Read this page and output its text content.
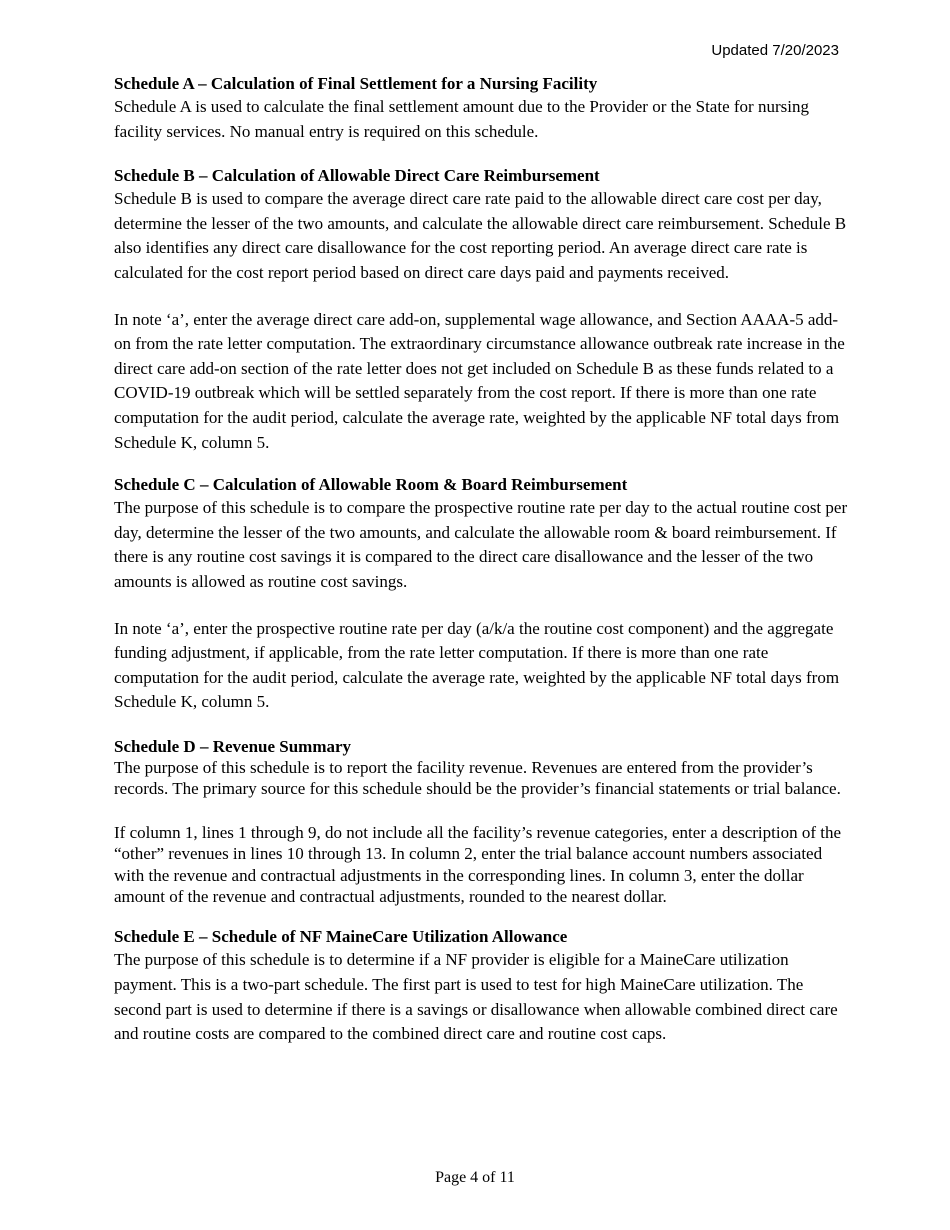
Updated 7/20/2023

Schedule A – Calculation of Final Settlement for a Nursing Facility

Schedule A is used to calculate the final settlement amount due to the Provider or the State for nursing facility services. No manual entry is required on this schedule.

Schedule B – Calculation of Allowable Direct Care Reimbursement

Schedule B is used to compare the average direct care rate paid to the allowable direct care cost per day, determine the lesser of the two amounts, and calculate the allowable direct care reimbursement. Schedule B also identifies any direct care disallowance for the cost reporting period. An average direct care rate is calculated for the cost report period based on direct care days paid and payments received.

In note ‘a’, enter the average direct care add-on, supplemental wage allowance, and Section AAAA-5 add-on from the rate letter computation. The extraordinary circumstance allowance outbreak rate increase in the direct care add-on section of the rate letter does not get included on Schedule B as these funds related to a COVID-19 outbreak which will be settled separately from the cost report. If there is more than one rate computation for the audit period, calculate the average rate, weighted by the applicable NF total days from Schedule K, column 5.

Schedule C – Calculation of Allowable Room & Board Reimbursement

The purpose of this schedule is to compare the prospective routine rate per day to the actual routine cost per day, determine the lesser of the two amounts, and calculate the allowable room & board reimbursement. If there is any routine cost savings it is compared to the direct care disallowance and the lesser of the two amounts is allowed as routine cost savings.

In note ‘a’, enter the prospective routine rate per day (a/k/a the routine cost component) and the aggregate funding adjustment, if applicable, from the rate letter computation. If there is more than one rate computation for the audit period, calculate the average rate, weighted by the applicable NF total days from Schedule K, column 5.

Schedule D – Revenue Summary

The purpose of this schedule is to report the facility revenue. Revenues are entered from the provider’s records. The primary source for this schedule should be the provider’s financial statements or trial balance.

If column 1, lines 1 through 9, do not include all the facility’s revenue categories, enter a description of the “other” revenues in lines 10 through 13. In column 2, enter the trial balance account numbers associated with the revenue and contractual adjustments in the corresponding lines. In column 3, enter the dollar amount of the revenue and contractual adjustments, rounded to the nearest dollar.

Schedule E – Schedule of NF MaineCare Utilization Allowance

The purpose of this schedule is to determine if a NF provider is eligible for a MaineCare utilization payment. This is a two-part schedule. The first part is used to test for high MaineCare utilization. The second part is used to determine if there is a savings or disallowance when allowable combined direct care and routine costs are compared to the combined direct care and routine cost caps.

Page 4 of 11
